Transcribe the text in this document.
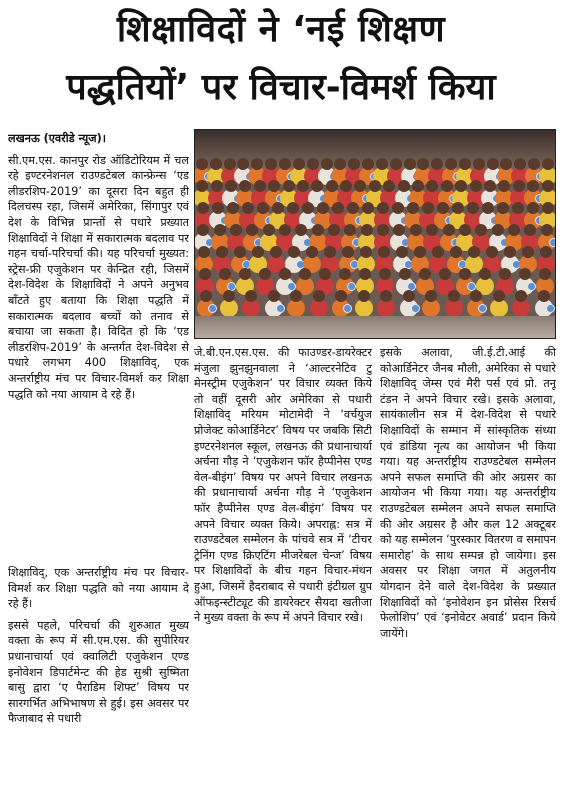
शिक्षाविदों ने ‘नई शिक्षण
पद्धतियों’ पर विचार-विमर्श किया

लखनऊ (एवरीडे न्यूज)।

सी.एम.एस. कानपुर रोड ऑडिटोरियम में चल रहे इण्टरनेशनल राउण्डटेबल कान्फ्रेन्स ‘एड लीडरशिप-2019’ का दूसरा दिन बहुत ही दिलचस्प रहा, जिसमें अमेरिका, सिंगापुर एवं देश के विभिन्न प्रान्तों से पधारे प्रख्यात शिक्षाविदों ने शिक्षा में सकारात्मक बदलाव पर गहन चर्चा-परिचर्चा की। यह परिचर्चा मुख्यत: स्ट्रेस-फ्री एजुकेशन पर केन्द्रित रही, जिसमें देश-विदेश के शिक्षाविदों ने अपने अनुभव बाँटते हुए बताया कि शिक्षा पद्धति में सकारात्मक बदलाव बच्चों को तनाव से बचाया जा सकता है। विदित हो कि ‘एड लीडरशिप-2019’ के अन्तर्गत देश-विदेश से पधारे लगभग 400 शिक्षाविद्, एक अन्तर्राष्ट्रीय मंच पर विचार-विमर्श कर शिक्षा पद्धति को नया आयाम दे रहे हैं।

शिक्षाविद्, एक अन्तर्राष्ट्रीय मंच पर विचार-विमर्श कर शिक्षा पद्धति को नया आयाम दे रहे हैं।

इससे पहले, परिचर्चा की शुरुआत मुख्य वक्ता के रूप में सी.एम.एस. की सुपीरियर प्रधानाचार्या एवं क्वालिटी एजुकेशन एण्ड इनोवेशन डिपार्टमेन्ट की हेड सुश्री सुष्मिता बासु द्वारा ‘ए पैराडिम शिफ्ट’ विषय पर सारगर्भित अभिभाषण से हुई। इस अवसर पर फैजाबाद से पधारी

जे.बी.एन.एस.एस. की फाउण्डर-डायरेक्टर मंजुला झुनझुनवाला ने ‘आल्टरनेटिव टु मेनस्ट्रीम एजुकेशन’ पर विचार व्यक्त किये तो वहीं दूसरी ओर अमेरिका से पधारी शिक्षाविद् मरियम मोटामेदी ने ‘वर्चयुज प्रोजेक्ट कोआर्डिनेटर’ विषय पर जबकि सिटी इण्टरनेशनल स्कूल, लखनऊ की प्रधानाचार्या अर्चना गौड़ ने ‘एजुकेशन फॉर हैप्पीनेस एण्ड वेल-बीइंग’ विषय पर अपने विचार लखनऊ की प्रधानाचार्या अर्चना गौड़ ने ‘एजुकेशन फॉर हैप्पीनेस एण्ड वेल-बीइंग’ विषय पर अपने विचार व्यक्त किये। अपराह्न: सत्र में राउण्डटेबल सम्मेलन के पांचवे सत्र में ‘टीचर ट्रेनिंग एण्ड क्रिएटिंग मीजरेबल चेन्ज’ विषय पर शिक्षाविदों के बीच गहन विचार-मंथन हुआ, जिसमें हैदराबाद से पधारी इंटीग्रल ग्रुप ऑफइन्स्टीट्यूट की डायरेक्टर सैयदा खतीजा ने मुख्य वक्ता के रूप में अपने विचार रखे।

इसके अलावा, जी.ई.टी.आई की कोआर्डिनेटर जैनब मौली, अमेरिका से पधारे शिक्षाविद् जेम्स एवं मैरी पर्स एवं प्रो. तनू टंडन ने अपने विचार रखे। इसके अलावा, सायंकालीन सत्र में देश-विदेश से पधारे शिक्षाविदों के सम्मान में सांस्कृतिक संध्या एवं डांडिया नृत्य का आयोजन भी किया गया। यह अन्तर्राष्ट्रीय राउण्डटेबल सम्मेलन अपने सफल समाप्ति की ओर अग्रसर का आयोजन भी किया गया। यह अन्तर्राष्ट्रीय राउण्डटेबल सम्मेलन अपने सफल समाप्ति की ओर अग्रसर है और कल 12 अक्टूबर को यह सम्मेलन ‘पुरस्कार वितरण व समापन समारोह’ के साथ सम्पन्न हो जायेगा। इस अवसर पर शिक्षा जगत में अतुलनीय योगदान देने वाले देश-विदेश के प्रख्यात शिक्षाविदों को ‘इनोवेशन इन प्रोसेस रिसर्च फेलोशिप’ एवं ‘इनोवेटर अवार्ड’ प्रदान किये जायेंगे।
